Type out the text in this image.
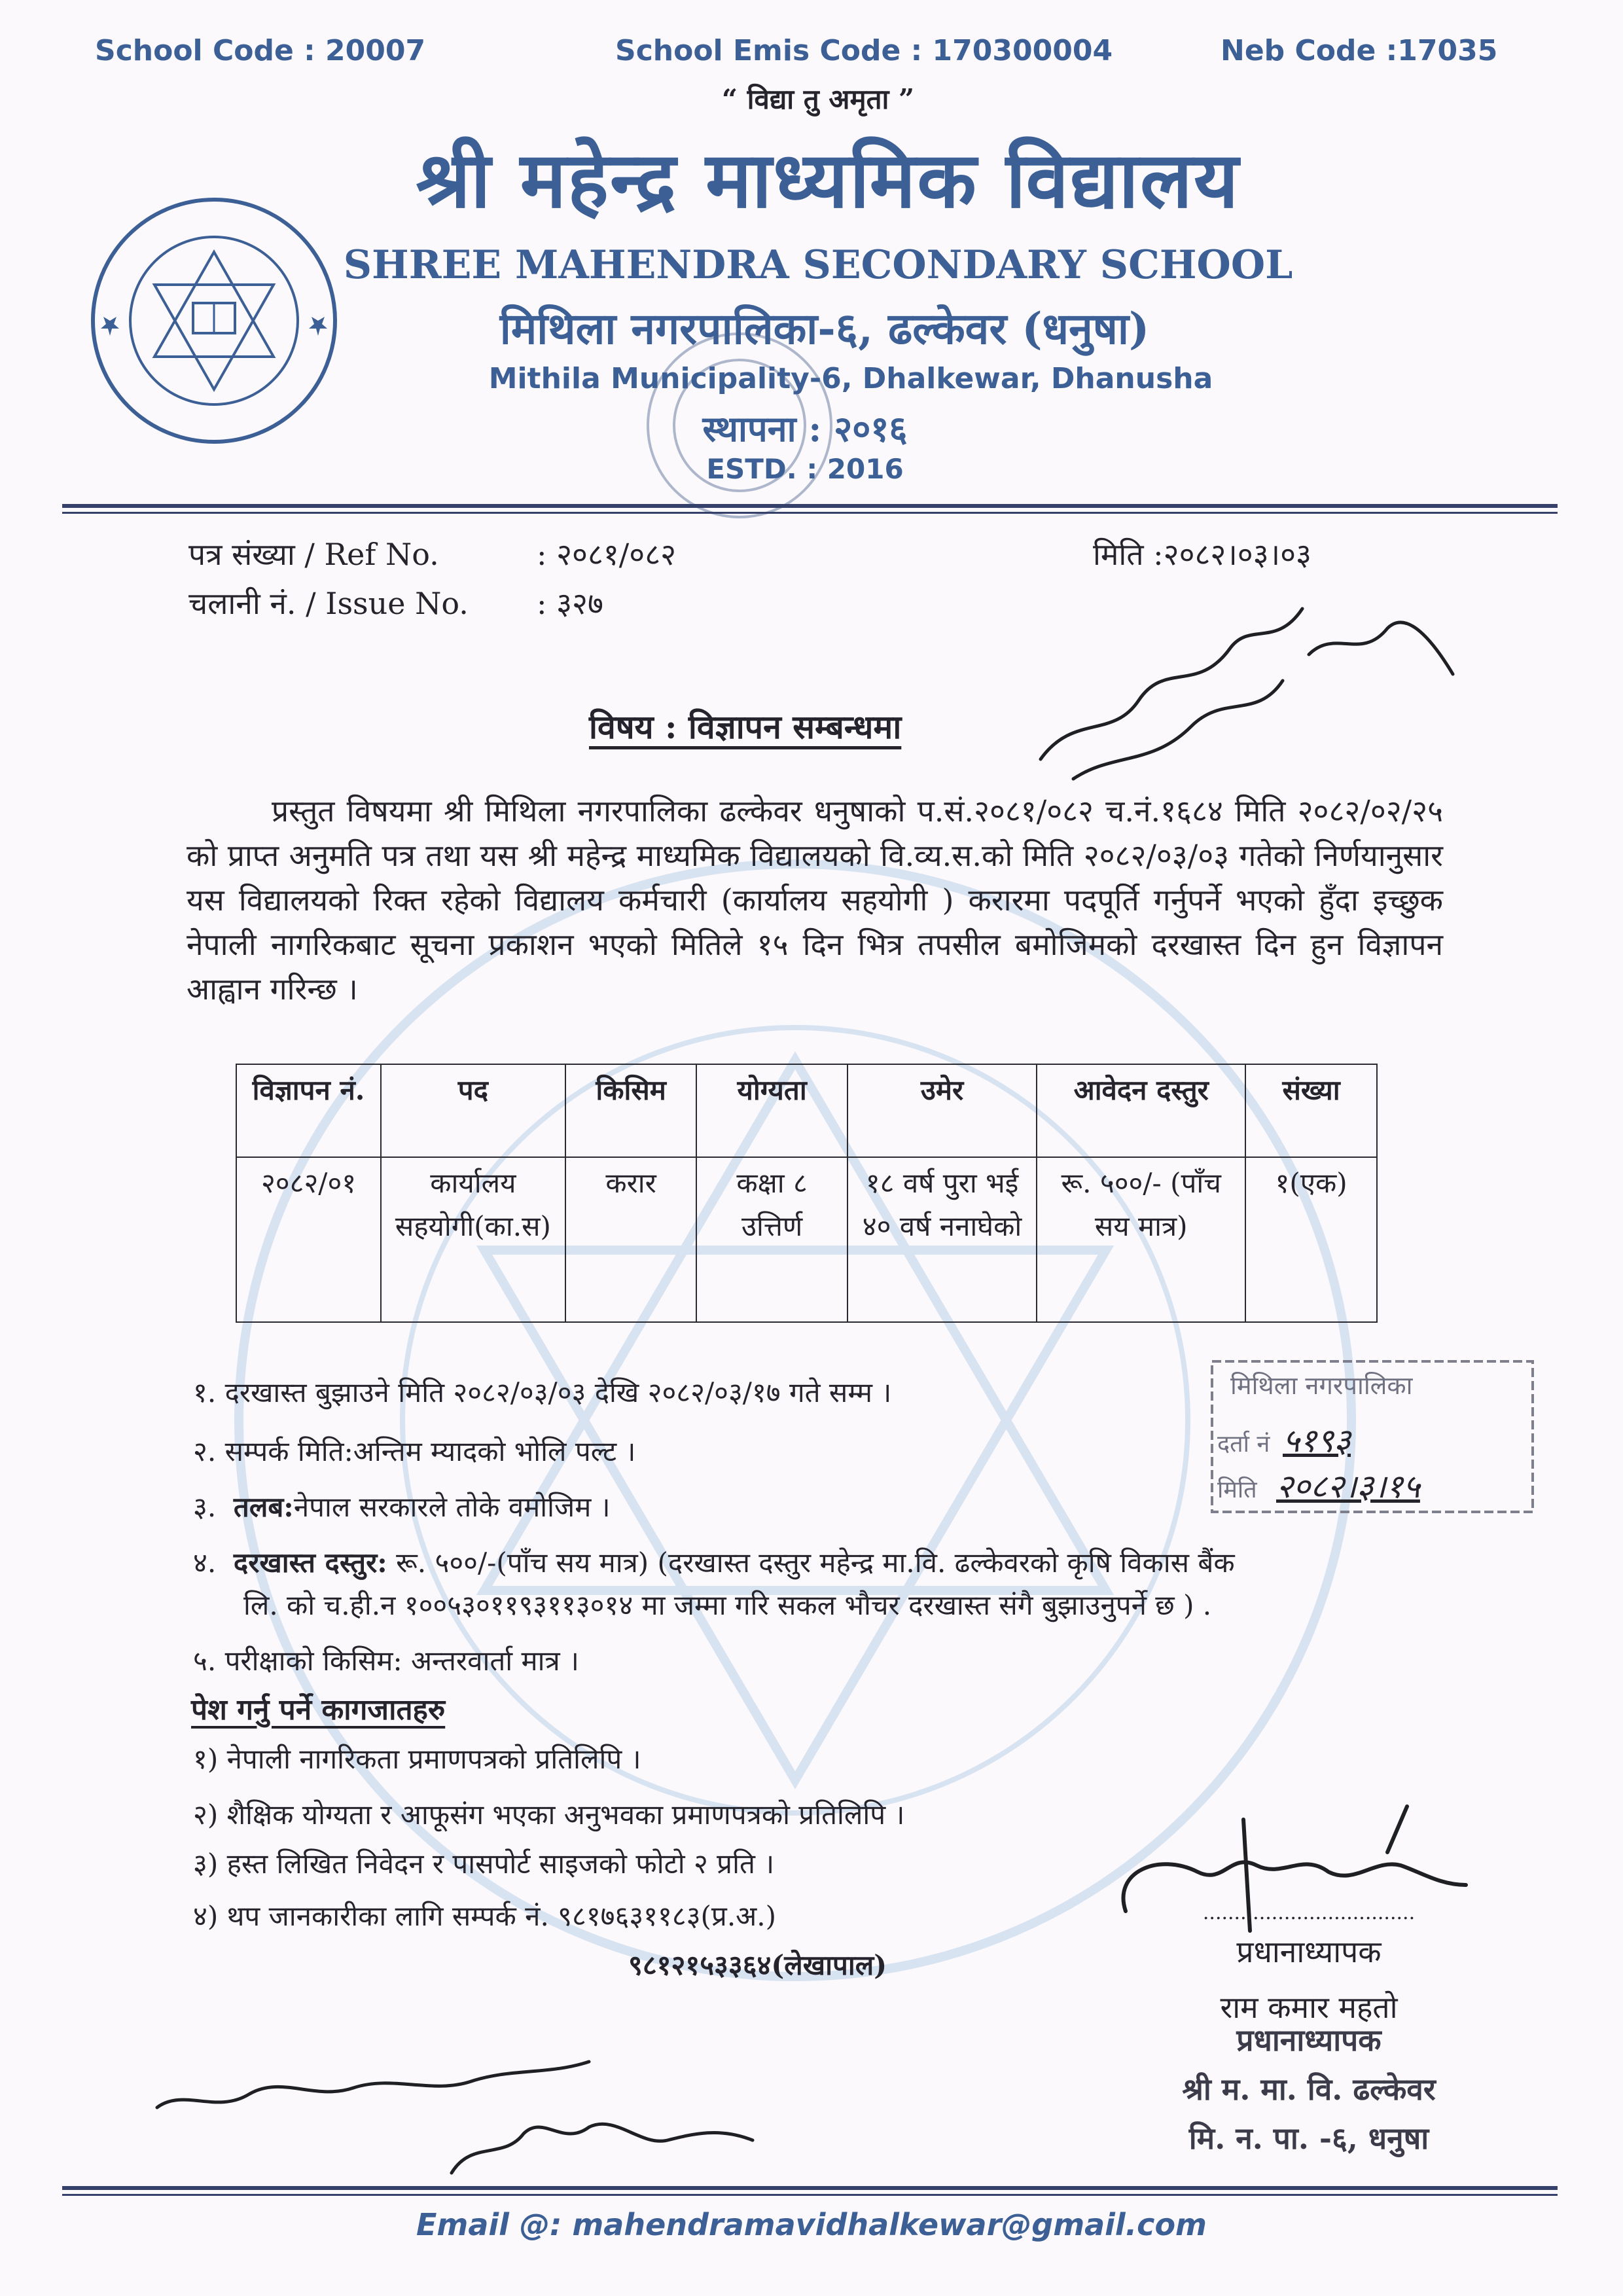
School Code : 20007	School Emis Code : 170300004	Neb Code :17035
“ विद्या तु अमृता ”
श्री महेन्द्र माध्यमिक विद्यालय
SHREE MAHENDRA SECONDARY SCHOOL
मिथिला नगरपालिका-६, ढल्केवर (धनुषा)
Mithila Municipality-6, Dhalkewar, Dhanusha
स्थापना : २०१६
ESTD. : 2016
पत्र संख्या / Ref No.	: २०८१/०८२
चलानी नं. / Issue No. : ३२७
मिति :२०८२।०३।०३
विषय : विज्ञापन सम्बन्धमा
प्रस्तुत विषयमा श्री मिथिला नगरपालिका ढल्केवर धनुषाको प.सं.२०८१/०८२ च.नं.१६८४ मिति २०८२/०२/२५ को प्राप्त अनुमति पत्र तथा यस श्री महेन्द्र माध्यमिक विद्यालयको वि.व्य.स.को मिति २०८२/०३/०३ गतेको निर्णयानुसार यस विद्यालयको रिक्त रहेको विद्यालय कर्मचारी (कार्यालय सहयोगी ) करारमा पदपूर्ति गर्नुपर्ने भएको हुँदा इच्छुक नेपाली नागरिकबाट सूचना प्रकाशन भएको मितिले १५ दिन भित्र तपसील बमोजिमको दरखास्त दिन हुन विज्ञापन आह्वान गरिन्छ ।
विज्ञापन नं.	पद	किसिम	योग्यता	उमेर	आवेदन दस्तुर	संख्या
२०८२/०१	कार्यालय सहयोगी(का.स)	करार	कक्षा ८ उत्तिर्ण	१८ वर्ष पुरा भई ४० वर्ष ननाघेको	रू. ५००/- (पाँच सय मात्र)	१(एक)
१. दरखास्त बुझाउने मिति २०८२/०३/०३ देखि २०८२/०३/१७ गते सम्म ।
२. सम्पर्क मिति:अन्तिम म्यादको भोलि पल्ट ।
३. तलब:नेपाल सरकारले तोके वमोजिम ।
४. दरखास्त दस्तुर: रू. ५००/-(पाँच सय मात्र) (दरखास्त दस्तुर महेन्द्र मा.वि. ढल्केवरको कृषि विकास बैंक
लि. को च.ही.न १००५३०११९३११३०१४ मा जम्मा गरि सकल भौचर दरखास्त संगै बुझाउनुपर्ने छ ) .
५. परीक्षाको किसिम: अन्तरवार्ता मात्र ।
पेश गर्नु पर्ने कागजातहरु
१) नेपाली नागरिकता प्रमाणपत्रको प्रतिलिपि ।
२) शैक्षिक योग्यता र आफूसंग भएका अनुभवका प्रमाणपत्रको प्रतिलिपि ।
३) हस्त लिखित निवेदन र पासपोर्ट साइजको फोटो २ प्रति ।
४) थप जानकारीका लागि सम्पर्क नं. ९८१७६३११८३(प्र.अ.)
९८१२१५३३६४(लेखापाल)
मिथिला नगरपालिका
दर्ता नं ५१९३
मिति २०८२।३।१५
..................................
प्रधानाध्यापक
राम कमार महतो
प्रधानाध्यापक
श्री म. मा. वि. ढल्केवर
मि. न. पा. -६, धनुषा
Email @: mahendramavidhalkewar@gmail.com
